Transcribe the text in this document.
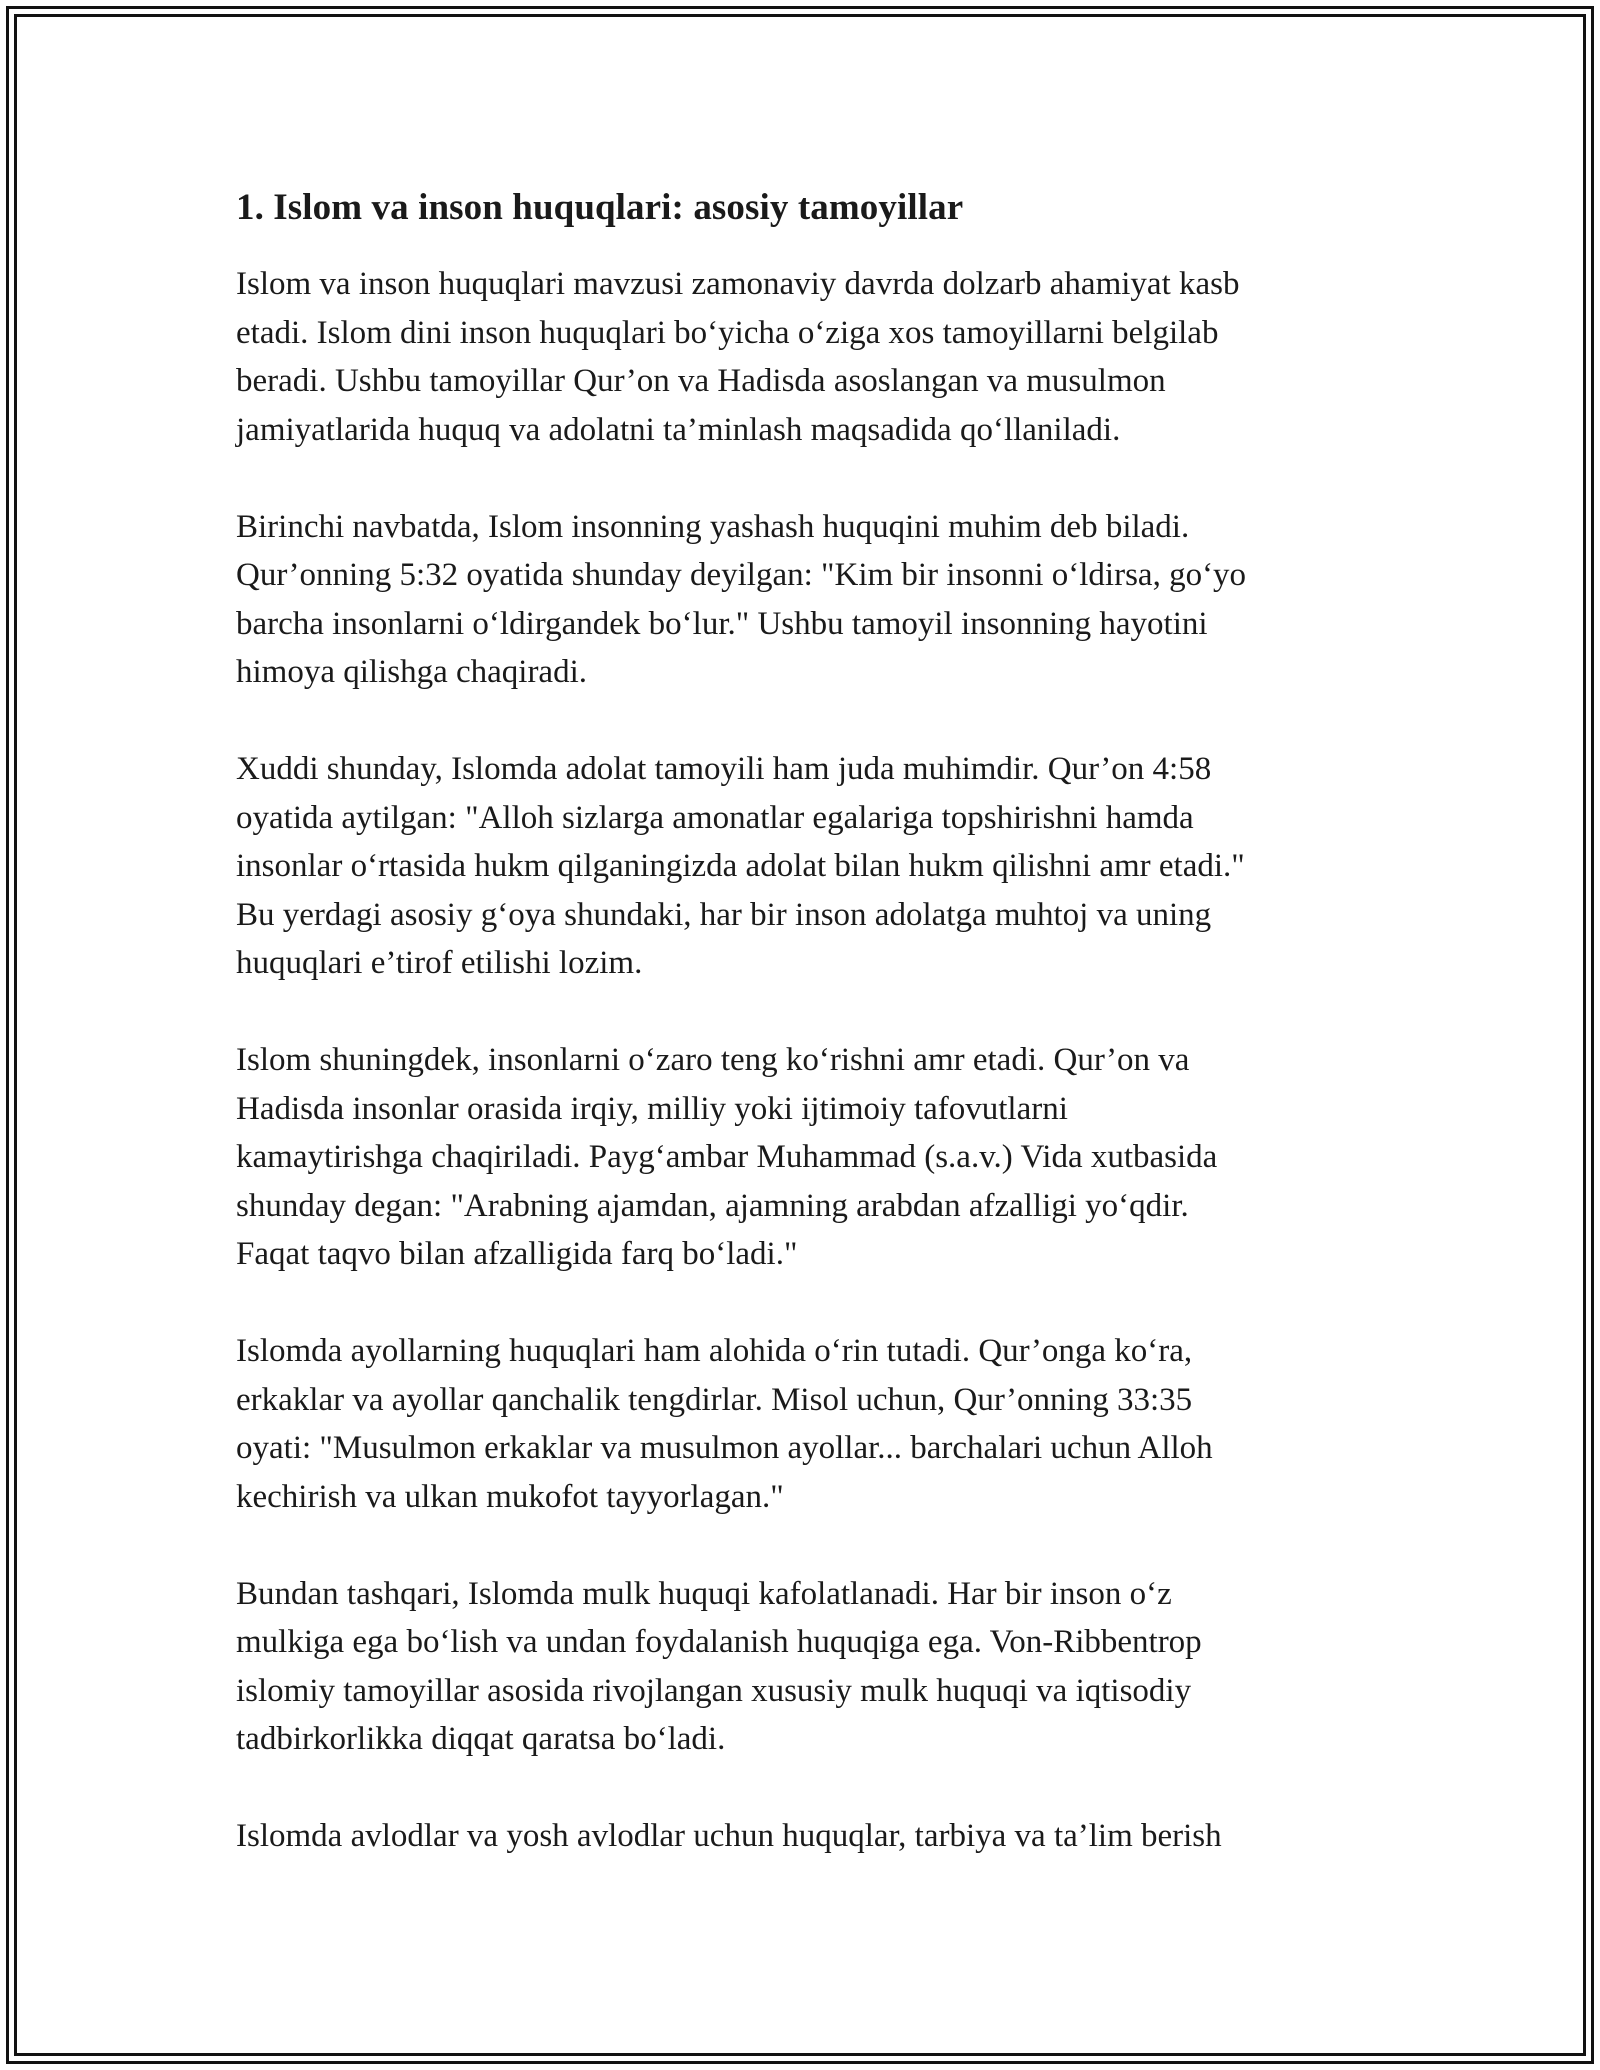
1. Islom va inson huquqlari: asosiy tamoyillar

Islom va inson huquqlari mavzusi zamonaviy davrda dolzarb ahamiyat kasb
etadi. Islom dini inson huquqlari boʻyicha oʻziga xos tamoyillarni belgilab
beradi. Ushbu tamoyillar Qur’on va Hadisda asoslangan va musulmon
jamiyatlarida huquq va adolatni ta’minlash maqsadida qoʻllaniladi.

Birinchi navbatda, Islom insonning yashash huquqini muhim deb biladi.
Qur’onning 5:32 oyatida shunday deyilgan: "Kim bir insonni oʻldirsa, goʻyo
barcha insonlarni oʻldirgandek boʻlur." Ushbu tamoyil insonning hayotini
himoya qilishga chaqiradi.

Xuddi shunday, Islomda adolat tamoyili ham juda muhimdir. Qur’on 4:58
oyatida aytilgan: "Alloh sizlarga amonatlar egalariga topshirishni hamda
insonlar oʻrtasida hukm qilganingizda adolat bilan hukm qilishni amr etadi."
Bu yerdagi asosiy gʻoya shundaki, har bir inson adolatga muhtoj va uning
huquqlari e’tirof etilishi lozim.

Islom shuningdek, insonlarni oʻzaro teng koʻrishni amr etadi. Qur’on va
Hadisda insonlar orasida irqiy, milliy yoki ijtimoiy tafovutlarni
kamaytirishga chaqiriladi. Paygʻambar Muhammad (s.a.v.) Vida xutbasida
shunday degan: "Arabning ajamdan, ajamning arabdan afzalligi yoʻqdir.
Faqat taqvo bilan afzalligida farq boʻladi."

Islomda ayollarning huquqlari ham alohida oʻrin tutadi. Qur’onga koʻra,
erkaklar va ayollar qanchalik tengdirlar. Misol uchun, Qur’onning 33:35
oyati: "Musulmon erkaklar va musulmon ayollar... barchalari uchun Alloh
kechirish va ulkan mukofot tayyorlagan."

Bundan tashqari, Islomda mulk huquqi kafolatlanadi. Har bir inson oʻz
mulkiga ega boʻlish va undan foydalanish huquqiga ega. Von-Ribbentrop
islomiy tamoyillar asosida rivojlangan xususiy mulk huquqi va iqtisodiy
tadbirkorlikka diqqat qaratsa boʻladi.

Islomda avlodlar va yosh avlodlar uchun huquqlar, tarbiya va ta’lim berish
